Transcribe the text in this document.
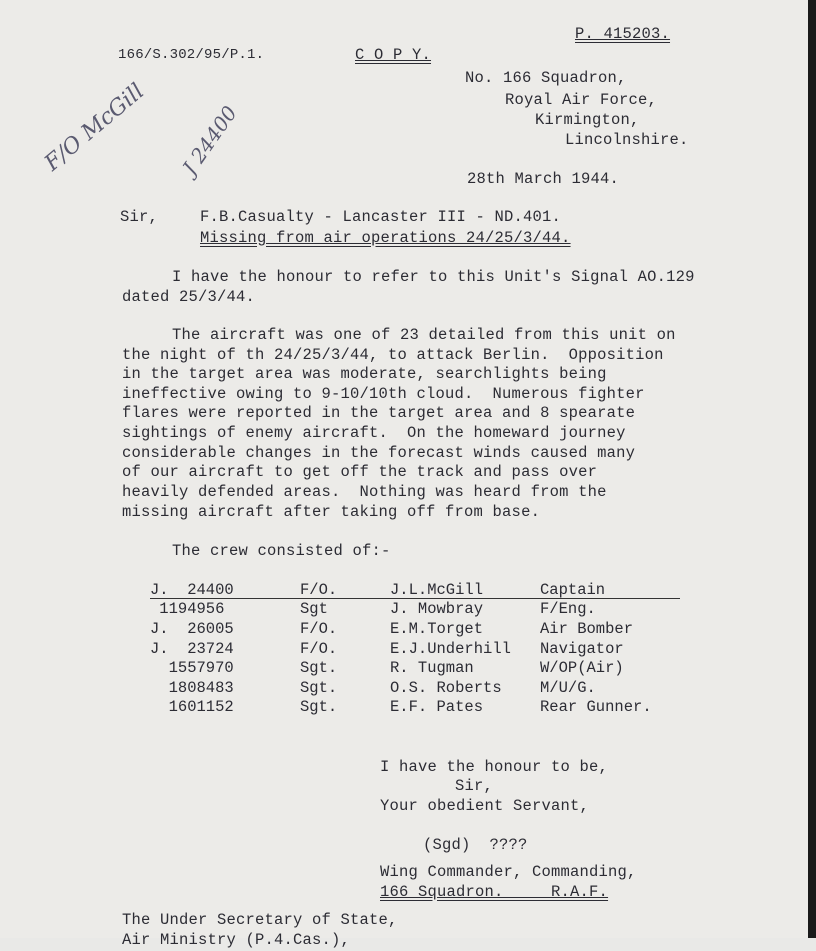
F/O McGill	J 24400
166/S.302/95/P.1.	C O P Y.
P. 415203.
No. 166 Squadron,
Royal Air Force,
Kirmington,
Lincolnshire.
28th March 1944.
Sir,	F.B.Casualty - Lancaster III - ND.401.
Missing from air operations 24/25/3/44.
I have the honour to refer to this Unit's Signal AO.129
dated 25/3/44.
The aircraft was one of 23 detailed from this unit on
the night of th 24/25/3/44, to attack Berlin.  Opposition
in the target area was moderate, searchlights being
ineffective owing to 9-10/10th cloud.  Numerous fighter
flares were reported in the target area and 8 spearate
sightings of enemy aircraft.  On the homeward journey
considerable changes in the forecast winds caused many
of our aircraft to get off the track and pass over
heavily defended areas.  Nothing was heard from the
missing aircraft after taking off from base.
The crew consisted of:-
J.  24400	F/O.	J.L.McGill	Captain
1194956	Sgt	J. Mowbray	F/Eng.
J.  26005	F/O.	E.M.Torget	Air Bomber
J.  23724	F/O.	E.J.Underhill	Navigator
1557970	Sgt.	R. Tugman	W/OP(Air)
1808483	Sgt.	O.S. Roberts	M/U/G.
1601152	Sgt.	E.F. Pates	Rear Gunner.
I have the honour to be,
Sir,
Your obedient Servant,
(Sgd)  ????
Wing Commander, Commanding,
166 Squadron.     R.A.F.
The Under Secretary of State,
Air Ministry (P.4.Cas.),
